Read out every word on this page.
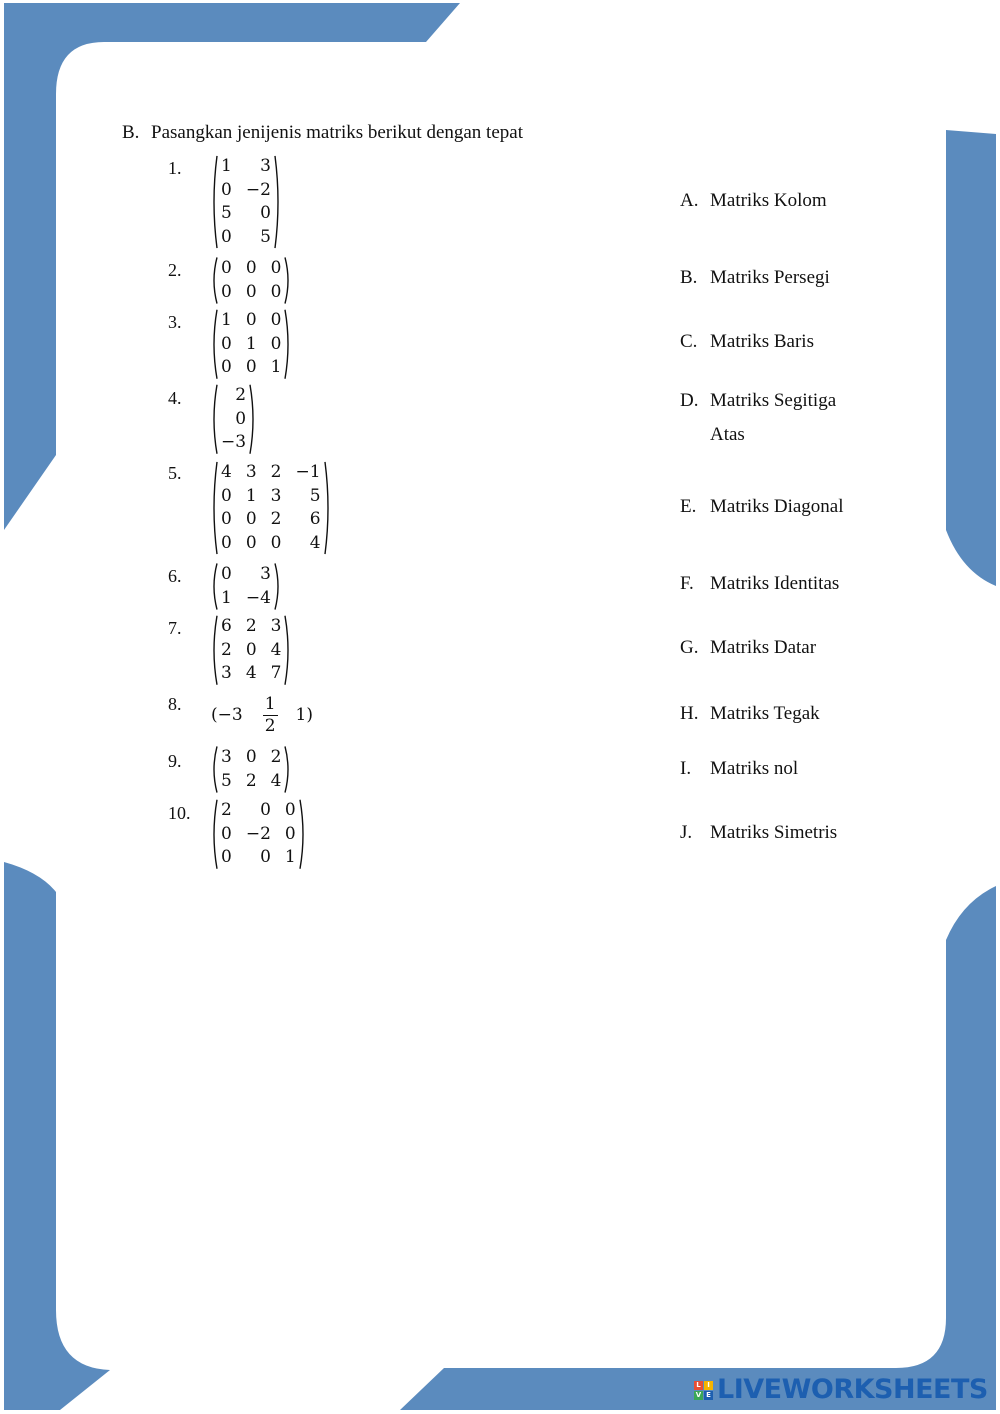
B. Pasangkan jenijenis matriks berikut dengan tepat
1.
2.
3.
4.
5.
6.
7.
8.
9.
10.
1 3
0 −2
5 0
0 5
0 0 0
0 0 0
1 0 0
0 1 0
0 0 1
2
0
−3
4 3 2 −1
0 1 3 5
0 0 2 6
0 0 0 4
0 3
1 −4
6 2 3
2 0 4
3 4 7
3 0 2
5 2 4
2 0 0
0 −2 0
0 0 1
( $-3 \frac{1}{2} 1$ )
A. Matriks Kolom
B. Matriks Persegi
C. Matriks Baris
D. Matriks Segitiga
Atas
E. Matriks Diagonal
F. Matriks Identitas
G. Matriks Datar
H. Matriks Tegak
I. Matriks nol
J. Matriks Simetris
L I
V E LIVEWORKSHEETS
